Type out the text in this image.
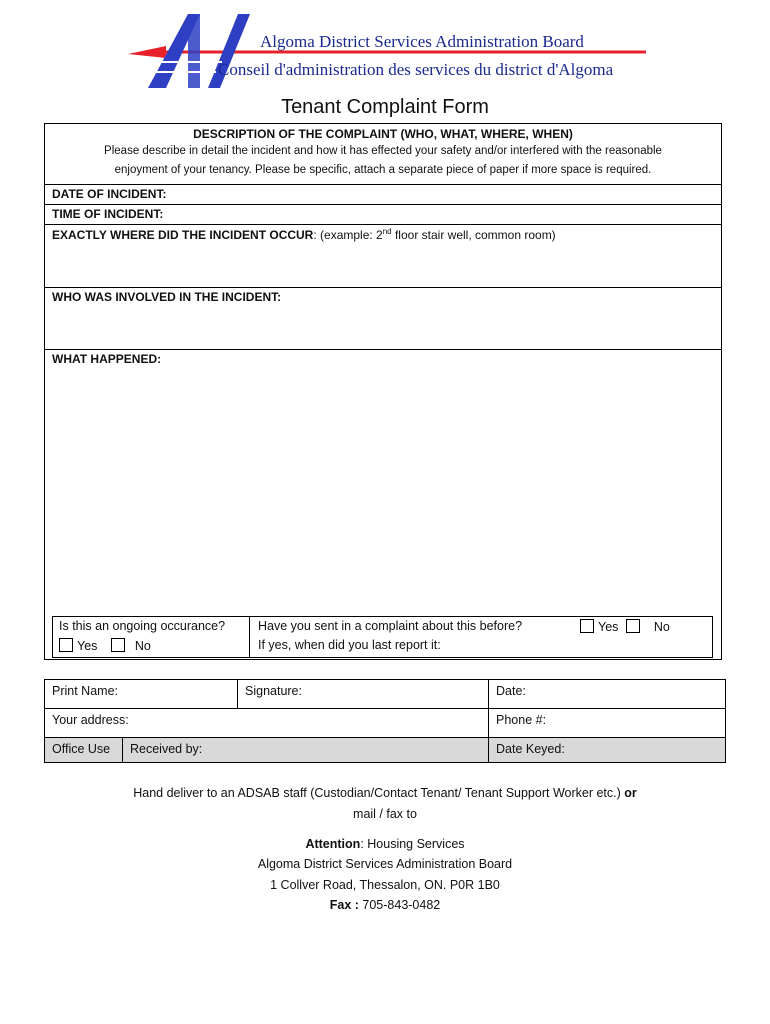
Algoma District Services Administration Board
Conseil d'administration des services du district d'Algoma
Tenant Complaint Form
DESCRIPTION OF THE COMPLAINT (WHO, WHAT, WHERE, WHEN)
Please describe in detail the incident and how it has effected your safety and/or interfered with the reasonable
enjoyment of your tenancy. Please be specific, attach a separate piece of paper if more space is required.
DATE OF INCIDENT:
TIME OF INCIDENT:
EXACTLY WHERE DID THE INCIDENT OCCUR: (example: 2nd floor stair well, common room)
WHO WAS INVOLVED IN THE INCIDENT:
WHAT HAPPENED:
Is this an ongoing occurance?
Yes	No
Have you sent in a complaint about this before?
If yes, when did you last report it:
Yes	No
Print Name:	Signature:	Date:
Your address:	Phone #:
Office Use	Received by:	Date Keyed:
Hand deliver to an ADSAB staff (Custodian/Contact Tenant/ Tenant Support Worker etc.) or
mail / fax to
Attention: Housing Services
Algoma District Services Administration Board
1 Collver Road, Thessalon, ON. P0R 1B0
Fax : 705-843-0482
